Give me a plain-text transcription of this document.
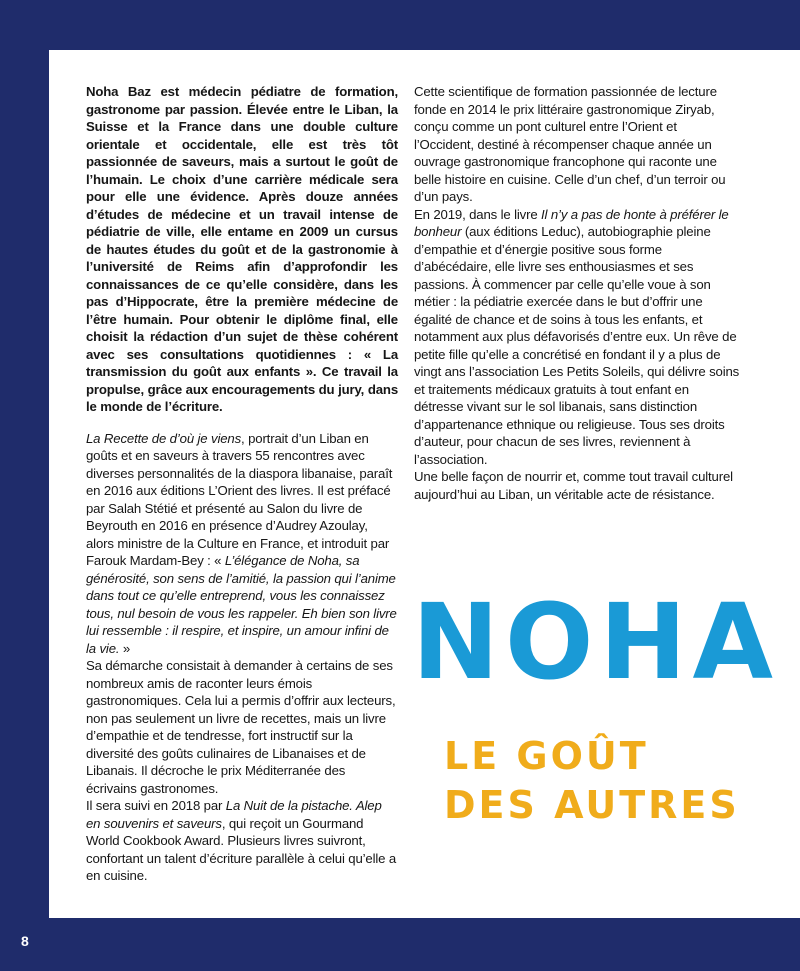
Noha Baz est médecin pédiatre de formation, gastronome par passion. Élevée entre le Liban, la Suisse et la France dans une double culture orientale et occidentale, elle est très tôt passionnée de saveurs, mais a surtout le goût de l’humain. Le choix d’une carrière médicale sera pour elle une évidence. Après douze années d’études de médecine et un travail intense de pédiatrie de ville, elle entame en 2009 un cursus de hautes études du goût et de la gastronomie à l’université de Reims afin d’approfondir les connaissances de ce qu’elle considère, dans les pas d’Hippocrate, être la première médecine de l’être humain. Pour obtenir le diplôme final, elle choisit la rédaction d’un sujet de thèse cohérent avec ses consultations quotidiennes : « La transmission du goût aux enfants ». Ce travail la propulse, grâce aux encouragements du jury, dans le monde de l’écriture.

La Recette de d’où je viens, portrait d’un Liban en goûts et en saveurs à travers 55 rencontres avec diverses personnalités de la diaspora libanaise, paraît en 2016 aux éditions L’Orient des livres. Il est préfacé par Salah Stétié et présenté au Salon du livre de Beyrouth en 2016 en présence d’Audrey Azoulay, alors ministre de la Culture en France, et introduit par Farouk Mardam-Bey : « L’élégance de Noha, sa générosité, son sens de l’amitié, la passion qui l’anime dans tout ce qu’elle entreprend, vous les connaissez tous, nul besoin de vous les rappeler. Eh bien son livre lui ressemble : il respire, et inspire, un amour infini de la vie. »

Sa démarche consistait à demander à certains de ses nombreux amis de raconter leurs émois gastronomiques. Cela lui a permis d’offrir aux lecteurs, non pas seulement un livre de recettes, mais un livre d’empathie et de tendresse, fort instructif sur la diversité des goûts culinaires de Libanaises et de Libanais. Il décroche le prix Méditerranée des écrivains gastronomes.

Il sera suivi en 2018 par La Nuit de la pistache. Alep en souvenirs et saveurs, qui reçoit un Gourmand World Cookbook Award. Plusieurs livres suivront, confortant un talent d’écriture parallèle à celui qu’elle a en cuisine.

Cette scientifique de formation passionnée de lecture fonde en 2014 le prix littéraire gastronomique Ziryab, conçu comme un pont culturel entre l’Orient et l’Occident, destiné à récompenser chaque année un ouvrage gastronomique francophone qui raconte une belle histoire en cuisine. Celle d’un chef, d’un terroir ou d’un pays.

En 2019, dans le livre Il n’y a pas de honte à préférer le bonheur (aux éditions Leduc), autobiographie pleine d’empathie et d’énergie positive sous forme d’abécédaire, elle livre ses enthousiasmes et ses passions. À commencer par celle qu’elle voue à son métier : la pédiatrie exercée dans le but d’offrir une égalité de chance et de soins à tous les enfants, et notamment aux plus défavorisés d’entre eux. Un rêve de petite fille qu’elle a concrétisé en fondant il y a plus de vingt ans l’association Les Petits Soleils, qui délivre soins et traitements médicaux gratuits à tout enfant en détresse vivant sur le sol libanais, sans distinction d’appartenance ethnique ou religieuse. Tous ses droits d’auteur, pour chacun de ses livres, reviennent à l’association.

Une belle façon de nourrir et, comme tout travail culturel aujourd’hui au Liban, un véritable acte de résistance.

NOHA
LE GOÛT
DES AUTRES
8
